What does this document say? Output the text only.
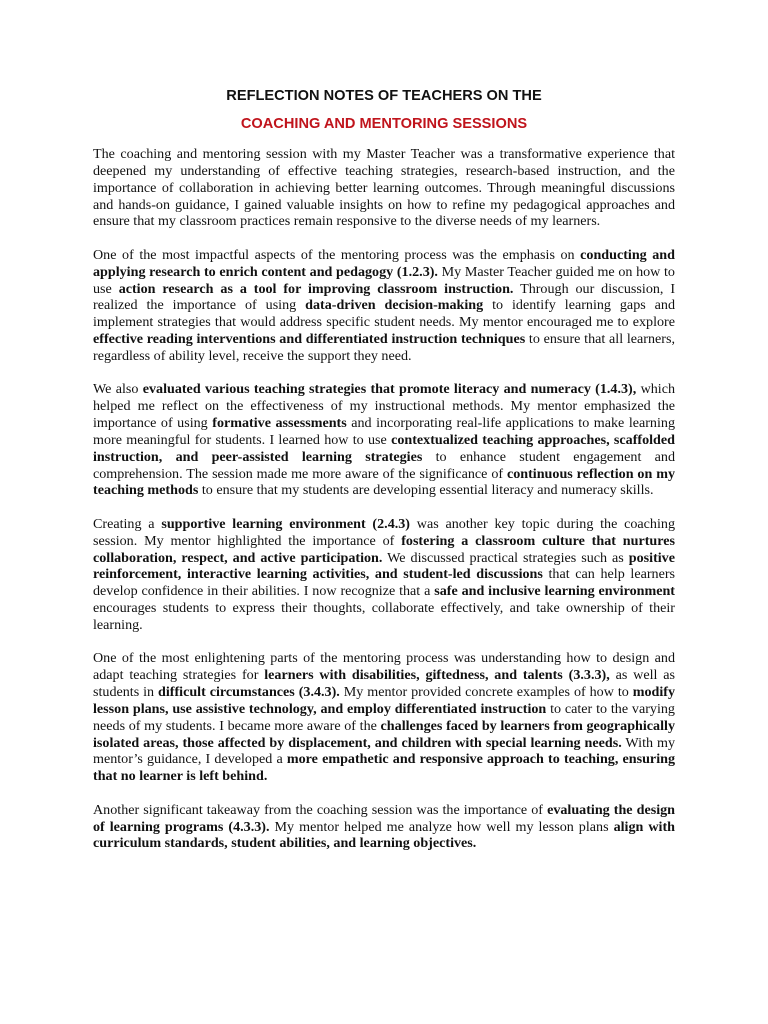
REFLECTION NOTES OF TEACHERS ON THE
COACHING AND MENTORING SESSIONS

The coaching and mentoring session with my Master Teacher was a transformative experience that deepened my understanding of effective teaching strategies, research-based instruction, and the importance of collaboration in achieving better learning outcomes. Through meaningful discussions and hands-on guidance, I gained valuable insights on how to refine my pedagogical approaches and ensure that my classroom practices remain responsive to the diverse needs of my learners.

One of the most impactful aspects of the mentoring process was the emphasis on conducting and applying research to enrich content and pedagogy (1.2.3). My Master Teacher guided me on how to use action research as a tool for improving classroom instruction. Through our discussion, I realized the importance of using data-driven decision-making to identify learning gaps and implement strategies that would address specific student needs. My mentor encouraged me to explore effective reading interventions and differentiated instruction techniques to ensure that all learners, regardless of ability level, receive the support they need.

We also evaluated various teaching strategies that promote literacy and numeracy (1.4.3), which helped me reflect on the effectiveness of my instructional methods. My mentor emphasized the importance of using formative assessments and incorporating real-life applications to make learning more meaningful for students. I learned how to use contextualized teaching approaches, scaffolded instruction, and peer-assisted learning strategies to enhance student engagement and comprehension. The session made me more aware of the significance of continuous reflection on my teaching methods to ensure that my students are developing essential literacy and numeracy skills.

Creating a supportive learning environment (2.4.3) was another key topic during the coaching session. My mentor highlighted the importance of fostering a classroom culture that nurtures collaboration, respect, and active participation. We discussed practical strategies such as positive reinforcement, interactive learning activities, and student-led discussions that can help learners develop confidence in their abilities. I now recognize that a safe and inclusive learning environment encourages students to express their thoughts, collaborate effectively, and take ownership of their learning.

One of the most enlightening parts of the mentoring process was understanding how to design and adapt teaching strategies for learners with disabilities, giftedness, and talents (3.3.3), as well as students in difficult circumstances (3.4.3). My mentor provided concrete examples of how to modify lesson plans, use assistive technology, and employ differentiated instruction to cater to the varying needs of my students. I became more aware of the challenges faced by learners from geographically isolated areas, those affected by displacement, and children with special learning needs. With my mentor’s guidance, I developed a more empathetic and responsive approach to teaching, ensuring that no learner is left behind.

Another significant takeaway from the coaching session was the importance of evaluating the design of learning programs (4.3.3). My mentor helped me analyze how well my lesson plans align with curriculum standards, student abilities, and learning objectives.
